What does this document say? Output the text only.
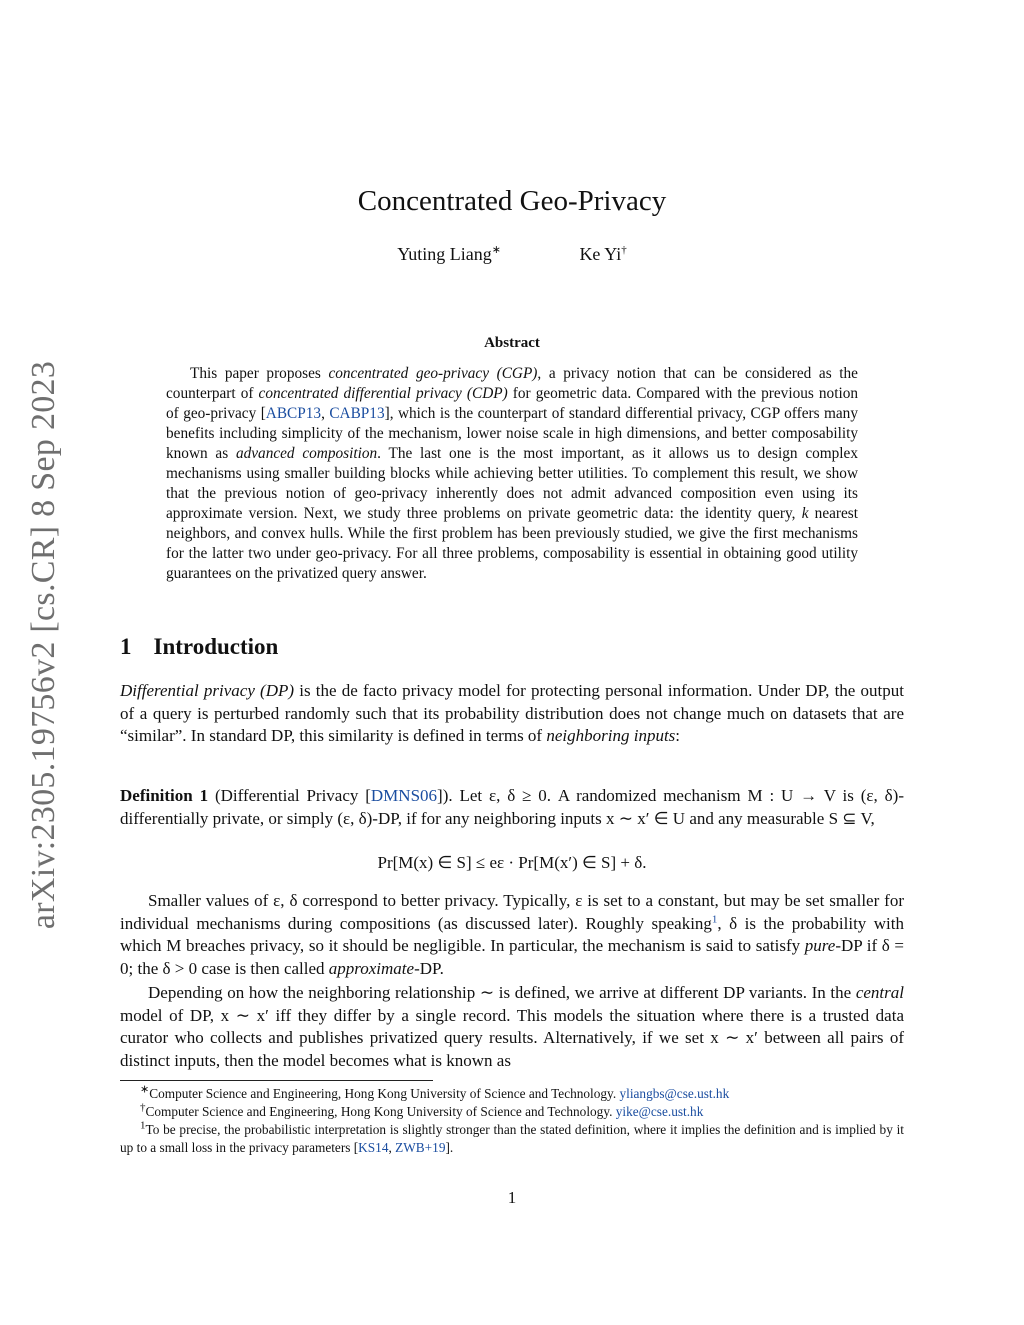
arXiv:2305.19756v2 [cs.CR] 8 Sep 2023
Concentrated Geo-Privacy
Yuting Liang∗	Ke Yi†
Abstract
This paper proposes concentrated geo-privacy (CGP), a privacy notion that can be considered as the counterpart of concentrated differential privacy (CDP) for geometric data. Compared with the previous notion of geo-privacy [ABCP13, CABP13], which is the counterpart of standard differential privacy, CGP offers many benefits including simplicity of the mechanism, lower noise scale in high dimensions, and better composability known as advanced composition. The last one is the most important, as it allows us to design complex mechanisms using smaller building blocks while achieving better utilities. To complement this result, we show that the previous notion of geo-privacy inherently does not admit advanced composition even using its approximate version. Next, we study three problems on private geometric data: the identity query, k nearest neighbors, and convex hulls. While the first problem has been previously studied, we give the first mechanisms for the latter two under geo-privacy. For all three problems, composability is essential in obtaining good utility guarantees on the privatized query answer.
1 Introduction
Differential privacy (DP) is the de facto privacy model for protecting personal information. Under DP, the output of a query is perturbed randomly such that its probability distribution does not change much on datasets that are “similar”. In standard DP, this similarity is defined in terms of neighboring inputs:
Definition 1 (Differential Privacy [DMNS06]). Let ε, δ ≥ 0. A randomized mechanism M : U → V is (ε, δ)-differentially private, or simply (ε, δ)-DP, if for any neighboring inputs x ∼ x′ ∈ U and any measurable S ⊆ V,
Pr[M(x) ∈ S] ≤ eε · Pr[M(x′) ∈ S] + δ.
Smaller values of ε, δ correspond to better privacy. Typically, ε is set to a constant, but may be set smaller for individual mechanisms during compositions (as discussed later). Roughly speaking$^1$, δ is the probability with which M breaches privacy, so it should be negligible. In particular, the mechanism is said to satisfy pure-DP if δ = 0; the δ > 0 case is then called approximate-DP.
Depending on how the neighboring relationship ∼ is defined, we arrive at different DP variants. In the central model of DP, x ∼ x′ iff they differ by a single record. This models the situation where there is a trusted data curator who collects and publishes privatized query results. Alternatively, if we set x ∼ x′ between all pairs of distinct inputs, then the model becomes what is known as
∗Computer Science and Engineering, Hong Kong University of Science and Technology. yliangbs@cse.ust.hk
†Computer Science and Engineering, Hong Kong University of Science and Technology. yike@cse.ust.hk
$^1$To be precise, the probabilistic interpretation is slightly stronger than the stated definition, where it implies the definition and is implied by it up to a small loss in the privacy parameters [KS14, ZWB+19].
1
